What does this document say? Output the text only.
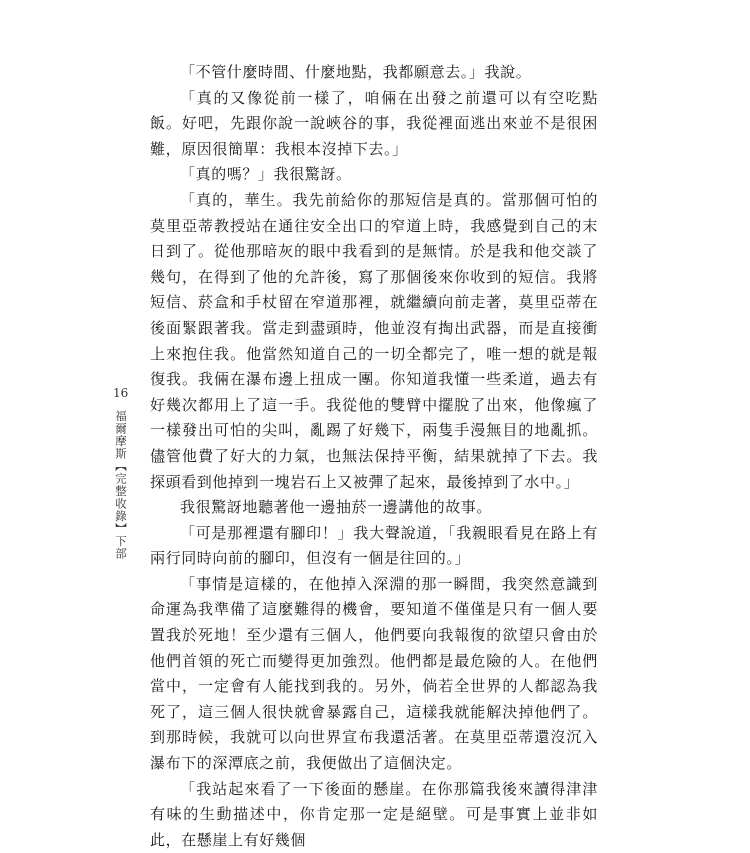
「不管什麼時間、什麼地點，我都願意去。」我說。

「真的又像從前一樣了，咱倆在出發之前還可以有空吃點飯。好吧，先跟你說一說峽谷的事，我從裡面逃出來並不是很困難，原因很簡單：我根本沒掉下去。」

「真的嗎？」我很驚訝。

「真的，華生。我先前給你的那短信是真的。當那個可怕的莫里亞蒂教授站在通往安全出口的窄道上時，我感覺到自己的末日到了。從他那暗灰的眼中我看到的是無情。於是我和他交談了幾句，在得到了他的允許後，寫了那個後來你收到的短信。我將短信、菸盒和手杖留在窄道那裡，就繼續向前走著，莫里亞蒂在後面緊跟著我。當走到盡頭時，他並沒有掏出武器，而是直接衝上來抱住我。他當然知道自己的一切全都完了，唯一想的就是報復我。我倆在瀑布邊上扭成一團。你知道我懂一些柔道，過去有好幾次都用上了這一手。我從他的雙臂中擺脫了出來，他像瘋了一樣發出可怕的尖叫，亂踢了好幾下，兩隻手漫無目的地亂抓。儘管他費了好大的力氣，也無法保持平衡，結果就掉了下去。我探頭看到他掉到一塊岩石上又被彈了起來，最後掉到了水中。」

我很驚訝地聽著他一邊抽菸一邊講他的故事。

「可是那裡還有腳印！」我大聲說道，「我親眼看見在路上有兩行同時向前的腳印，但沒有一個是往回的。」

「事情是這樣的，在他掉入深淵的那一瞬間，我突然意識到命運為我準備了這麼難得的機會，要知道不僅僅是只有一個人要置我於死地！至少還有三個人，他們要向我報復的欲望只會由於他們首領的死亡而變得更加強烈。他們都是最危險的人。在他們當中，一定會有人能找到我的。另外，倘若全世界的人都認為我死了，這三個人很快就會暴露自己，這樣我就能解決掉他們了。到那時候，我就可以向世界宣布我還活著。在莫里亞蒂還沒沉入瀑布下的深潭底之前，我便做出了這個決定。

「我站起來看了一下後面的懸崖。在你那篇我後來讀得津津有味的生動描述中，你肯定那一定是絕壁。可是事實上並非如此，在懸崖上有好幾個

16
福爾摩斯【完整收錄】下部
